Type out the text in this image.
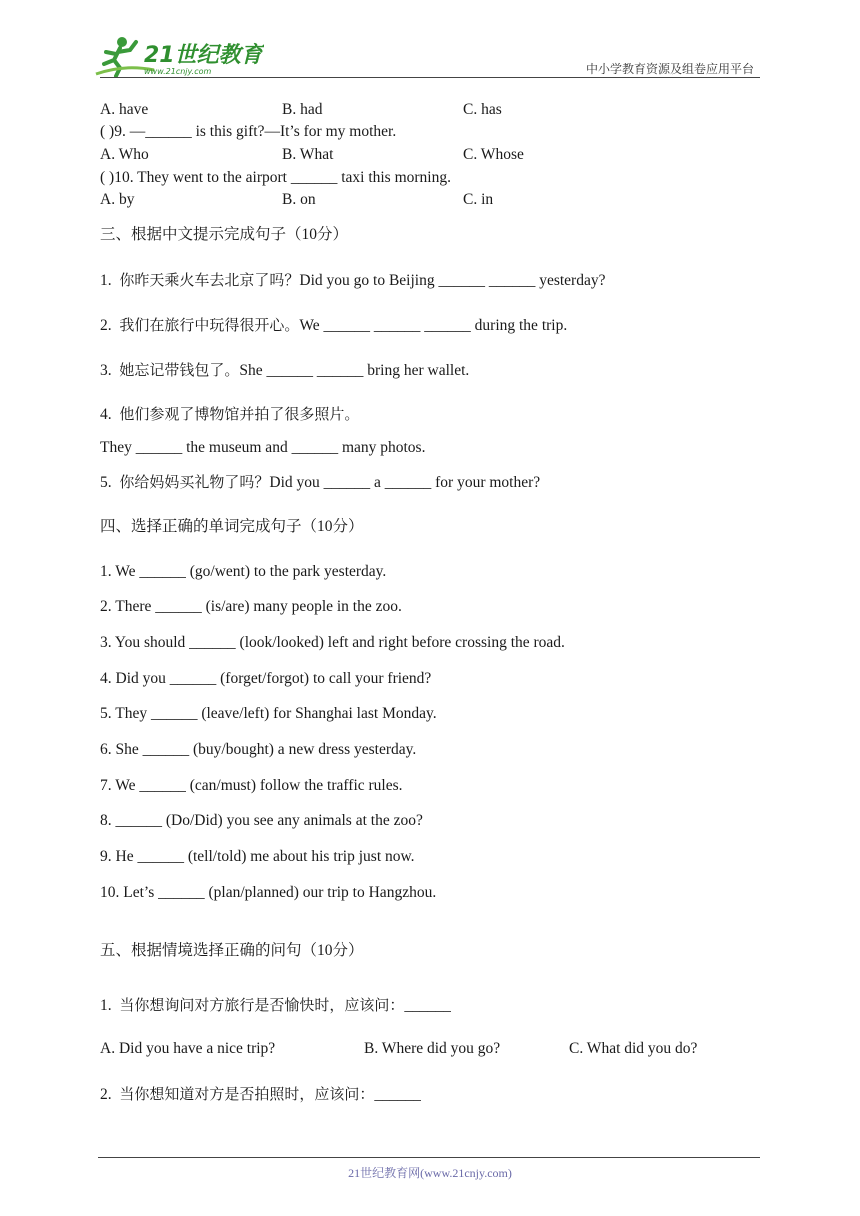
21世纪教育
www.21cnjy.com	中小学教育资源及组卷应用平台
A. have	B. had	C. has
( )9. —______ is this gift?—It’s for my mother.
A. Who	B. What	C. Whose
( )10. They went to the airport ______ taxi this morning.
A. by	B. on	C. in
三、根据中文提示完成句子（10分）
1. 你昨天乘火车去北京了吗？Did you go to Beijing ______ ______ yesterday?
2. 我们在旅行中玩得很开心。We ______ ______ ______ during the trip.
3. 她忘记带钱包了。She ______ ______ bring her wallet.
4. 他们参观了博物馆并拍了很多照片。
They ______ the museum and ______ many photos.
5. 你给妈妈买礼物了吗？Did you ______ a ______ for your mother?
四、选择正确的单词完成句子（10分）
1. We ______ (go/went) to the park yesterday.
2. There ______ (is/are) many people in the zoo.
3. You should ______ (look/looked) left and right before crossing the road.
4. Did you ______ (forget/forgot) to call your friend?
5. They ______ (leave/left) for Shanghai last Monday.
6. She ______ (buy/bought) a new dress yesterday.
7. We ______ (can/must) follow the traffic rules.
8. ______ (Do/Did) you see any animals at the zoo?
9. He ______ (tell/told) me about his trip just now.
10. Let’s ______ (plan/planned) our trip to Hangzhou.
五、根据情境选择正确的问句（10分）
1. 当你想询问对方旅行是否愉快时，应该问：______
A. Did you have a nice trip?	B. Where did you go?	C. What did you do?
2. 当你想知道对方是否拍照时，应该问：______
21世纪教育网(www.21cnjy.com)
